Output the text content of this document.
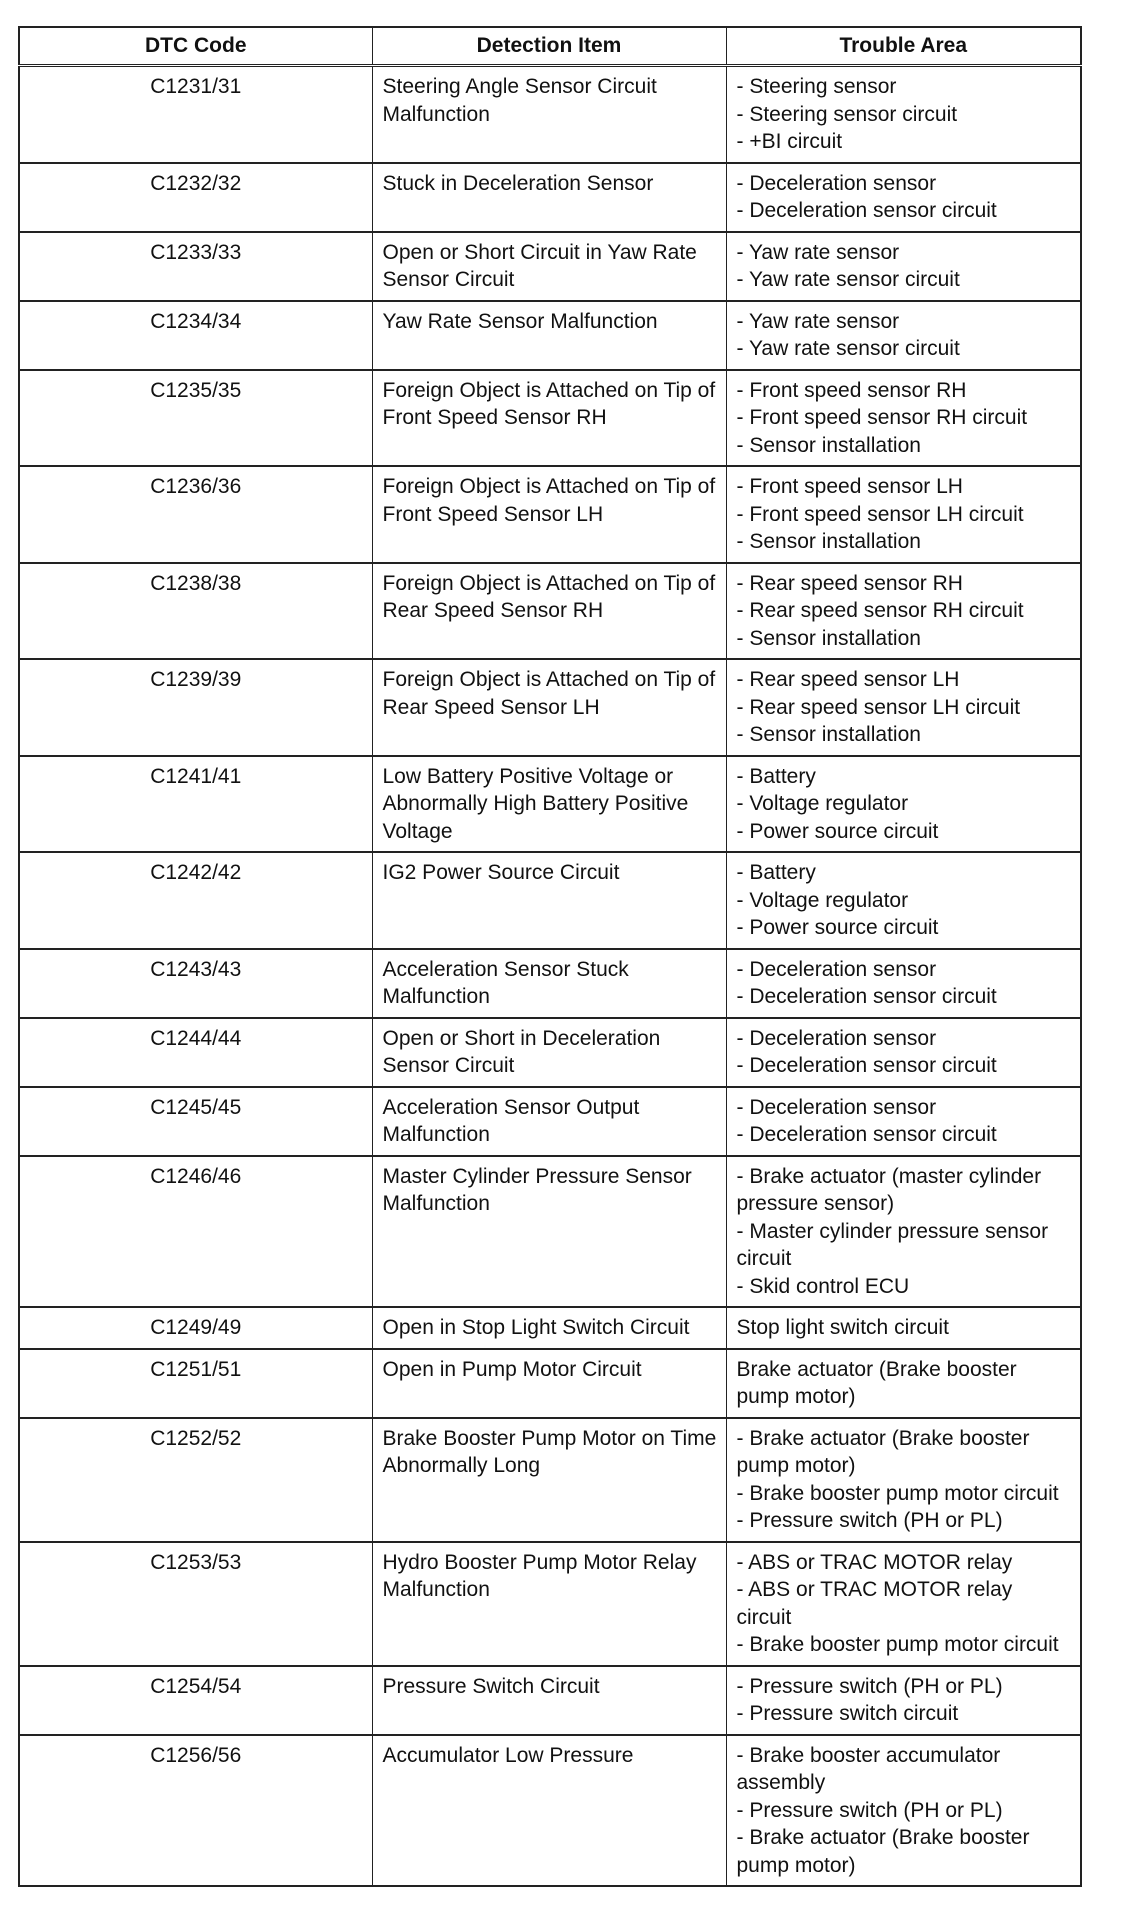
DTC Code	Detection Item	Trouble Area
C1231/31	Steering Angle Sensor Circuit Malfunction	- Steering sensor
- Steering sensor circuit
- +BI circuit

C1232/32	Stuck in Deceleration Sensor	- Deceleration sensor
- Deceleration sensor circuit

C1233/33	Open or Short Circuit in Yaw Rate Sensor Circuit	- Yaw rate sensor
- Yaw rate sensor circuit

C1234/34	Yaw Rate Sensor Malfunction	- Yaw rate sensor
- Yaw rate sensor circuit

C1235/35	Foreign Object is Attached on Tip of Front Speed Sensor RH	- Front speed sensor RH
- Front speed sensor RH circuit
- Sensor installation

C1236/36	Foreign Object is Attached on Tip of Front Speed Sensor LH	- Front speed sensor LH
- Front speed sensor LH circuit
- Sensor installation

C1238/38	Foreign Object is Attached on Tip of Rear Speed Sensor RH	- Rear speed sensor RH
- Rear speed sensor RH circuit
- Sensor installation

C1239/39	Foreign Object is Attached on Tip of Rear Speed Sensor LH	- Rear speed sensor LH
- Rear speed sensor LH circuit
- Sensor installation

C1241/41	Low Battery Positive Voltage or Abnormally High Battery Positive Voltage	- Battery
- Voltage regulator
- Power source circuit

C1242/42	IG2 Power Source Circuit	- Battery
- Voltage regulator
- Power source circuit

C1243/43	Acceleration Sensor Stuck Malfunction	- Deceleration sensor
- Deceleration sensor circuit

C1244/44	Open or Short in Deceleration Sensor Circuit	- Deceleration sensor
- Deceleration sensor circuit

C1245/45	Acceleration Sensor Output Malfunction	- Deceleration sensor
- Deceleration sensor circuit

C1246/46	Master Cylinder Pressure Sensor Malfunction	- Brake actuator (master cylinder pressure sensor)
- Master cylinder pressure sensor circuit
- Skid control ECU

C1249/49	Open in Stop Light Switch Circuit	Stop light switch circuit

C1251/51	Open in Pump Motor Circuit	Brake actuator (Brake booster pump motor)

C1252/52	Brake Booster Pump Motor on Time Abnormally Long	- Brake actuator (Brake booster pump motor)
- Brake booster pump motor circuit
- Pressure switch (PH or PL)

C1253/53	Hydro Booster Pump Motor Relay Malfunction	- ABS or TRAC MOTOR relay
- ABS or TRAC MOTOR relay circuit
- Brake booster pump motor circuit

C1254/54	Pressure Switch Circuit	- Pressure switch (PH or PL)
- Pressure switch circuit

C1256/56	Accumulator Low Pressure	- Brake booster accumulator assembly
- Pressure switch (PH or PL)
- Brake actuator (Brake booster pump motor)
